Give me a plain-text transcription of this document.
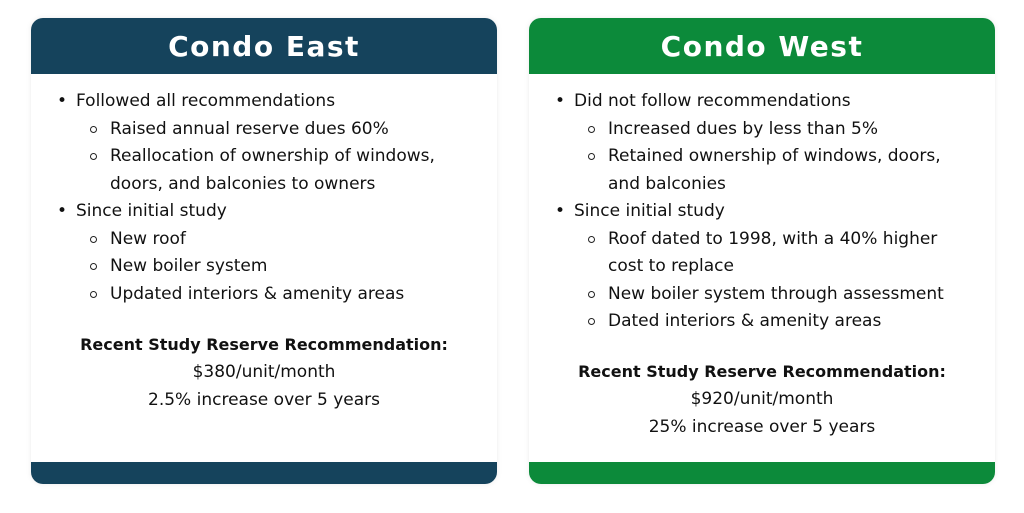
Condo East
• Followed all recommendations
Raised annual reserve dues 60%
Reallocation of ownership of windows, doors, and balconies to owners
• Since initial study
New roof
New boiler system
Updated interiors & amenity areas
Recent Study Reserve Recommendation:
$380/unit/month
2.5% increase over 5 years
Condo West
• Did not follow recommendations
Increased dues by less than 5%
Retained ownership of windows, doors, and balconies
• Since initial study
Roof dated to 1998, with a 40% higher cost to replace
New boiler system through assessment
Dated interiors & amenity areas
Recent Study Reserve Recommendation:
$920/unit/month
25% increase over 5 years
